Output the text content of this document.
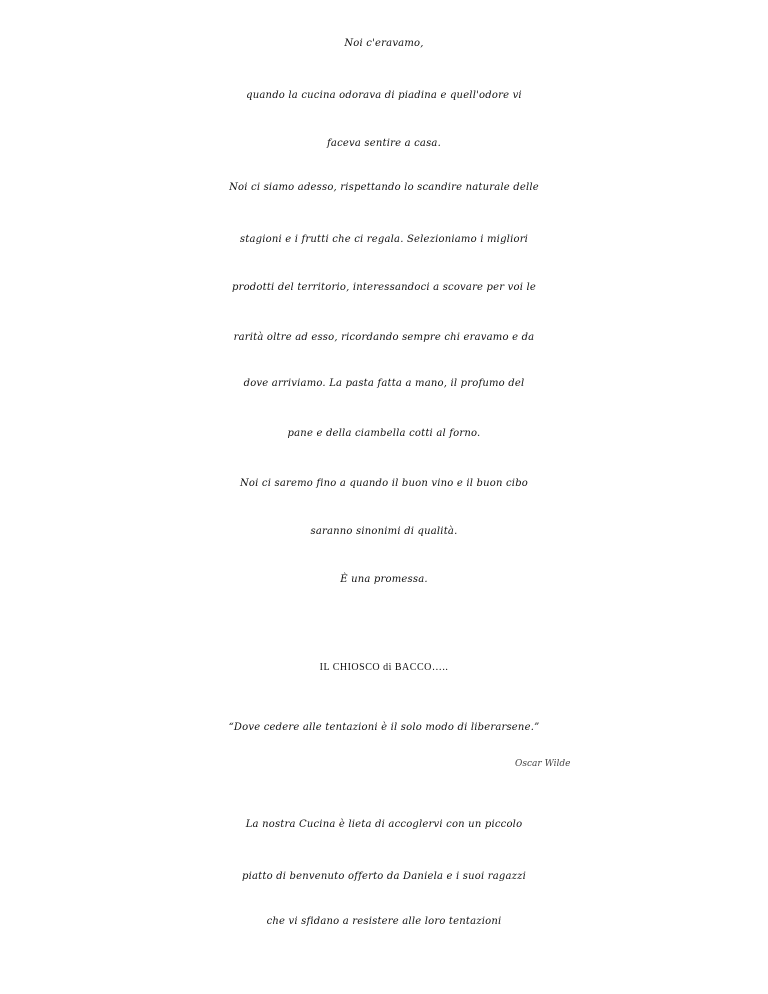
Noi c'eravamo,
quando la cucina odorava di piadina e quell'odore vi
faceva sentire a casa.
Noi ci siamo adesso, rispettando lo scandire naturale delle
stagioni e i frutti che ci regala. Selezioniamo i migliori
prodotti del territorio, interessandoci a scovare per voi le
rarità oltre ad esso, ricordando sempre chi eravamo e da
dove arriviamo. La pasta fatta a mano, il profumo del
pane e della ciambella cotti al forno.
Noi ci saremo fino a quando il buon vino e il buon cibo
saranno sinonimi di qualità.
È una promessa.
IL CHIOSCO di BACCO…..
“Dove cedere alle tentazioni è il solo modo di liberarsene.”
Oscar Wilde
La nostra Cucina è lieta di accoglervi con un piccolo
piatto di benvenuto offerto da Daniela e i suoi ragazzi
che vi sfidano a resistere alle loro tentazioni
